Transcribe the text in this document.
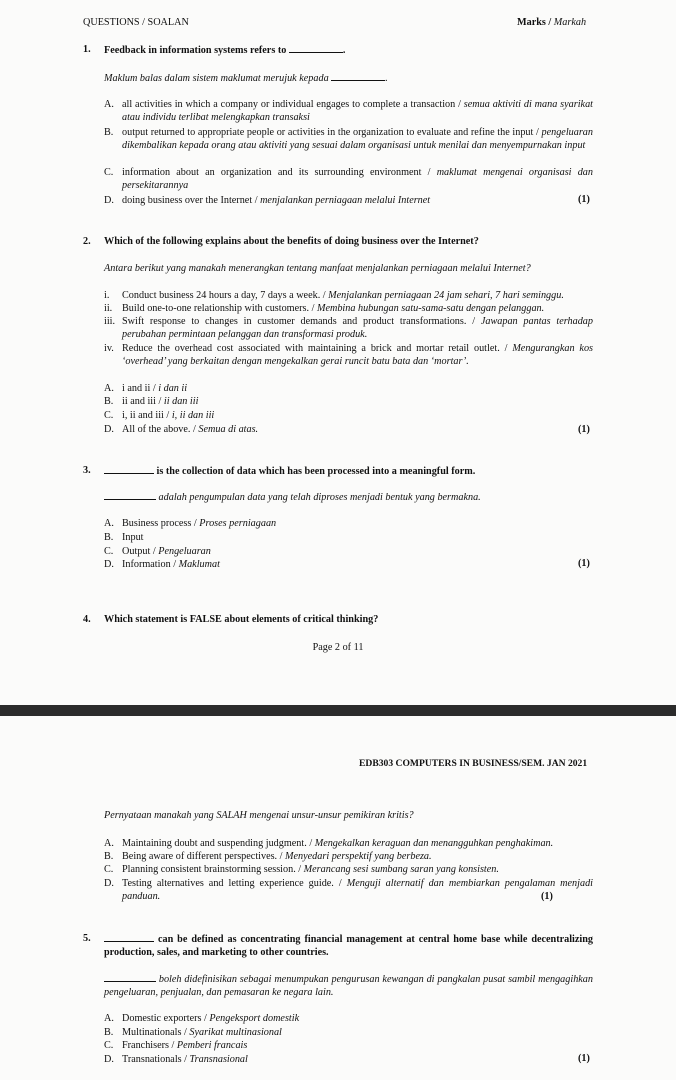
QUESTIONS / SOALAN	Marks / Markah
1. Feedback in information systems refers to	.
Maklum balas dalam sistem maklumat merujuk kepada	.
A. all activities in which a company or individual engages to complete a transaction / semua aktiviti di mana syarikat atau individu terlibat melengkapkan transaksi
B. output returned to appropriate people or activities in the organization to evaluate and refine the input / pengeluaran dikembalikan kepada orang atau aktiviti yang sesuai dalam organisasi untuk menilai dan menyempurnakan input
C. information about an organization and its surrounding environment / maklumat mengenai organisasi dan persekitarannya
D. doing business over the Internet / menjalankan perniagaan melalui Internet	(1)
2. Which of the following explains about the benefits of doing business over the Internet?
Antara berikut yang manakah menerangkan tentang manfaat menjalankan perniagaan melalui Internet?
i. Conduct business 24 hours a day, 7 days a week. / Menjalankan perniagaan 24 jam sehari, 7 hari seminggu.
ii. Build one-to-one relationship with customers. / Membina hubungan satu-sama-satu dengan pelanggan.
iii. Swift response to changes in customer demands and product transformations. / Jawapan pantas terhadap perubahan permintaan pelanggan dan transformasi produk.
iv. Reduce the overhead cost associated with maintaining a brick and mortar retail outlet. / Mengurangkan kos ‘overhead’ yang berkaitan dengan mengekalkan gerai runcit batu bata dan ‘mortar’.
A. i and ii / i dan ii
B. ii and iii / ii dan iii
C. i, ii and iii / i, ii dan iii
D. All of the above. / Semua di atas.	(1)
3.	is the collection of data which has been processed into a meaningful form.
adalah pengumpulan data yang telah diproses menjadi bentuk yang bermakna.
A. Business process / Proses perniagaan
B. Input
C. Output / Pengeluaran
D. Information / Maklumat	(1)
4. Which statement is FALSE about elements of critical thinking?
Page 2 of 11
EDB303 COMPUTERS IN BUSINESS/SEM. JAN 2021
Pernyataan manakah yang SALAH mengenai unsur-unsur pemikiran kritis?
A. Maintaining doubt and suspending judgment. / Mengekalkan keraguan dan menangguhkan penghakiman.
B. Being aware of different perspectives. / Menyedari perspektif yang berbeza.
C. Planning consistent brainstorming session. / Merancang sesi sumbang saran yang konsisten.
D. Testing alternatives and letting experience guide. / Menguji alternatif dan membiarkan pengalaman menjadi panduan.	(1)
5.	can be defined as concentrating financial management at central home base while decentralizing production, sales, and marketing to other countries.
boleh didefinisikan sebagai menumpukan pengurusan kewangan di pangkalan pusat sambil mengagihkan pengeluaran, penjualan, dan pemasaran ke negara lain.
A. Domestic exporters / Pengeksport domestik
B. Multinationals / Syarikat multinasional
C. Franchisers / Pemberi francais
D. Transnationals / Transnasional	(1)
